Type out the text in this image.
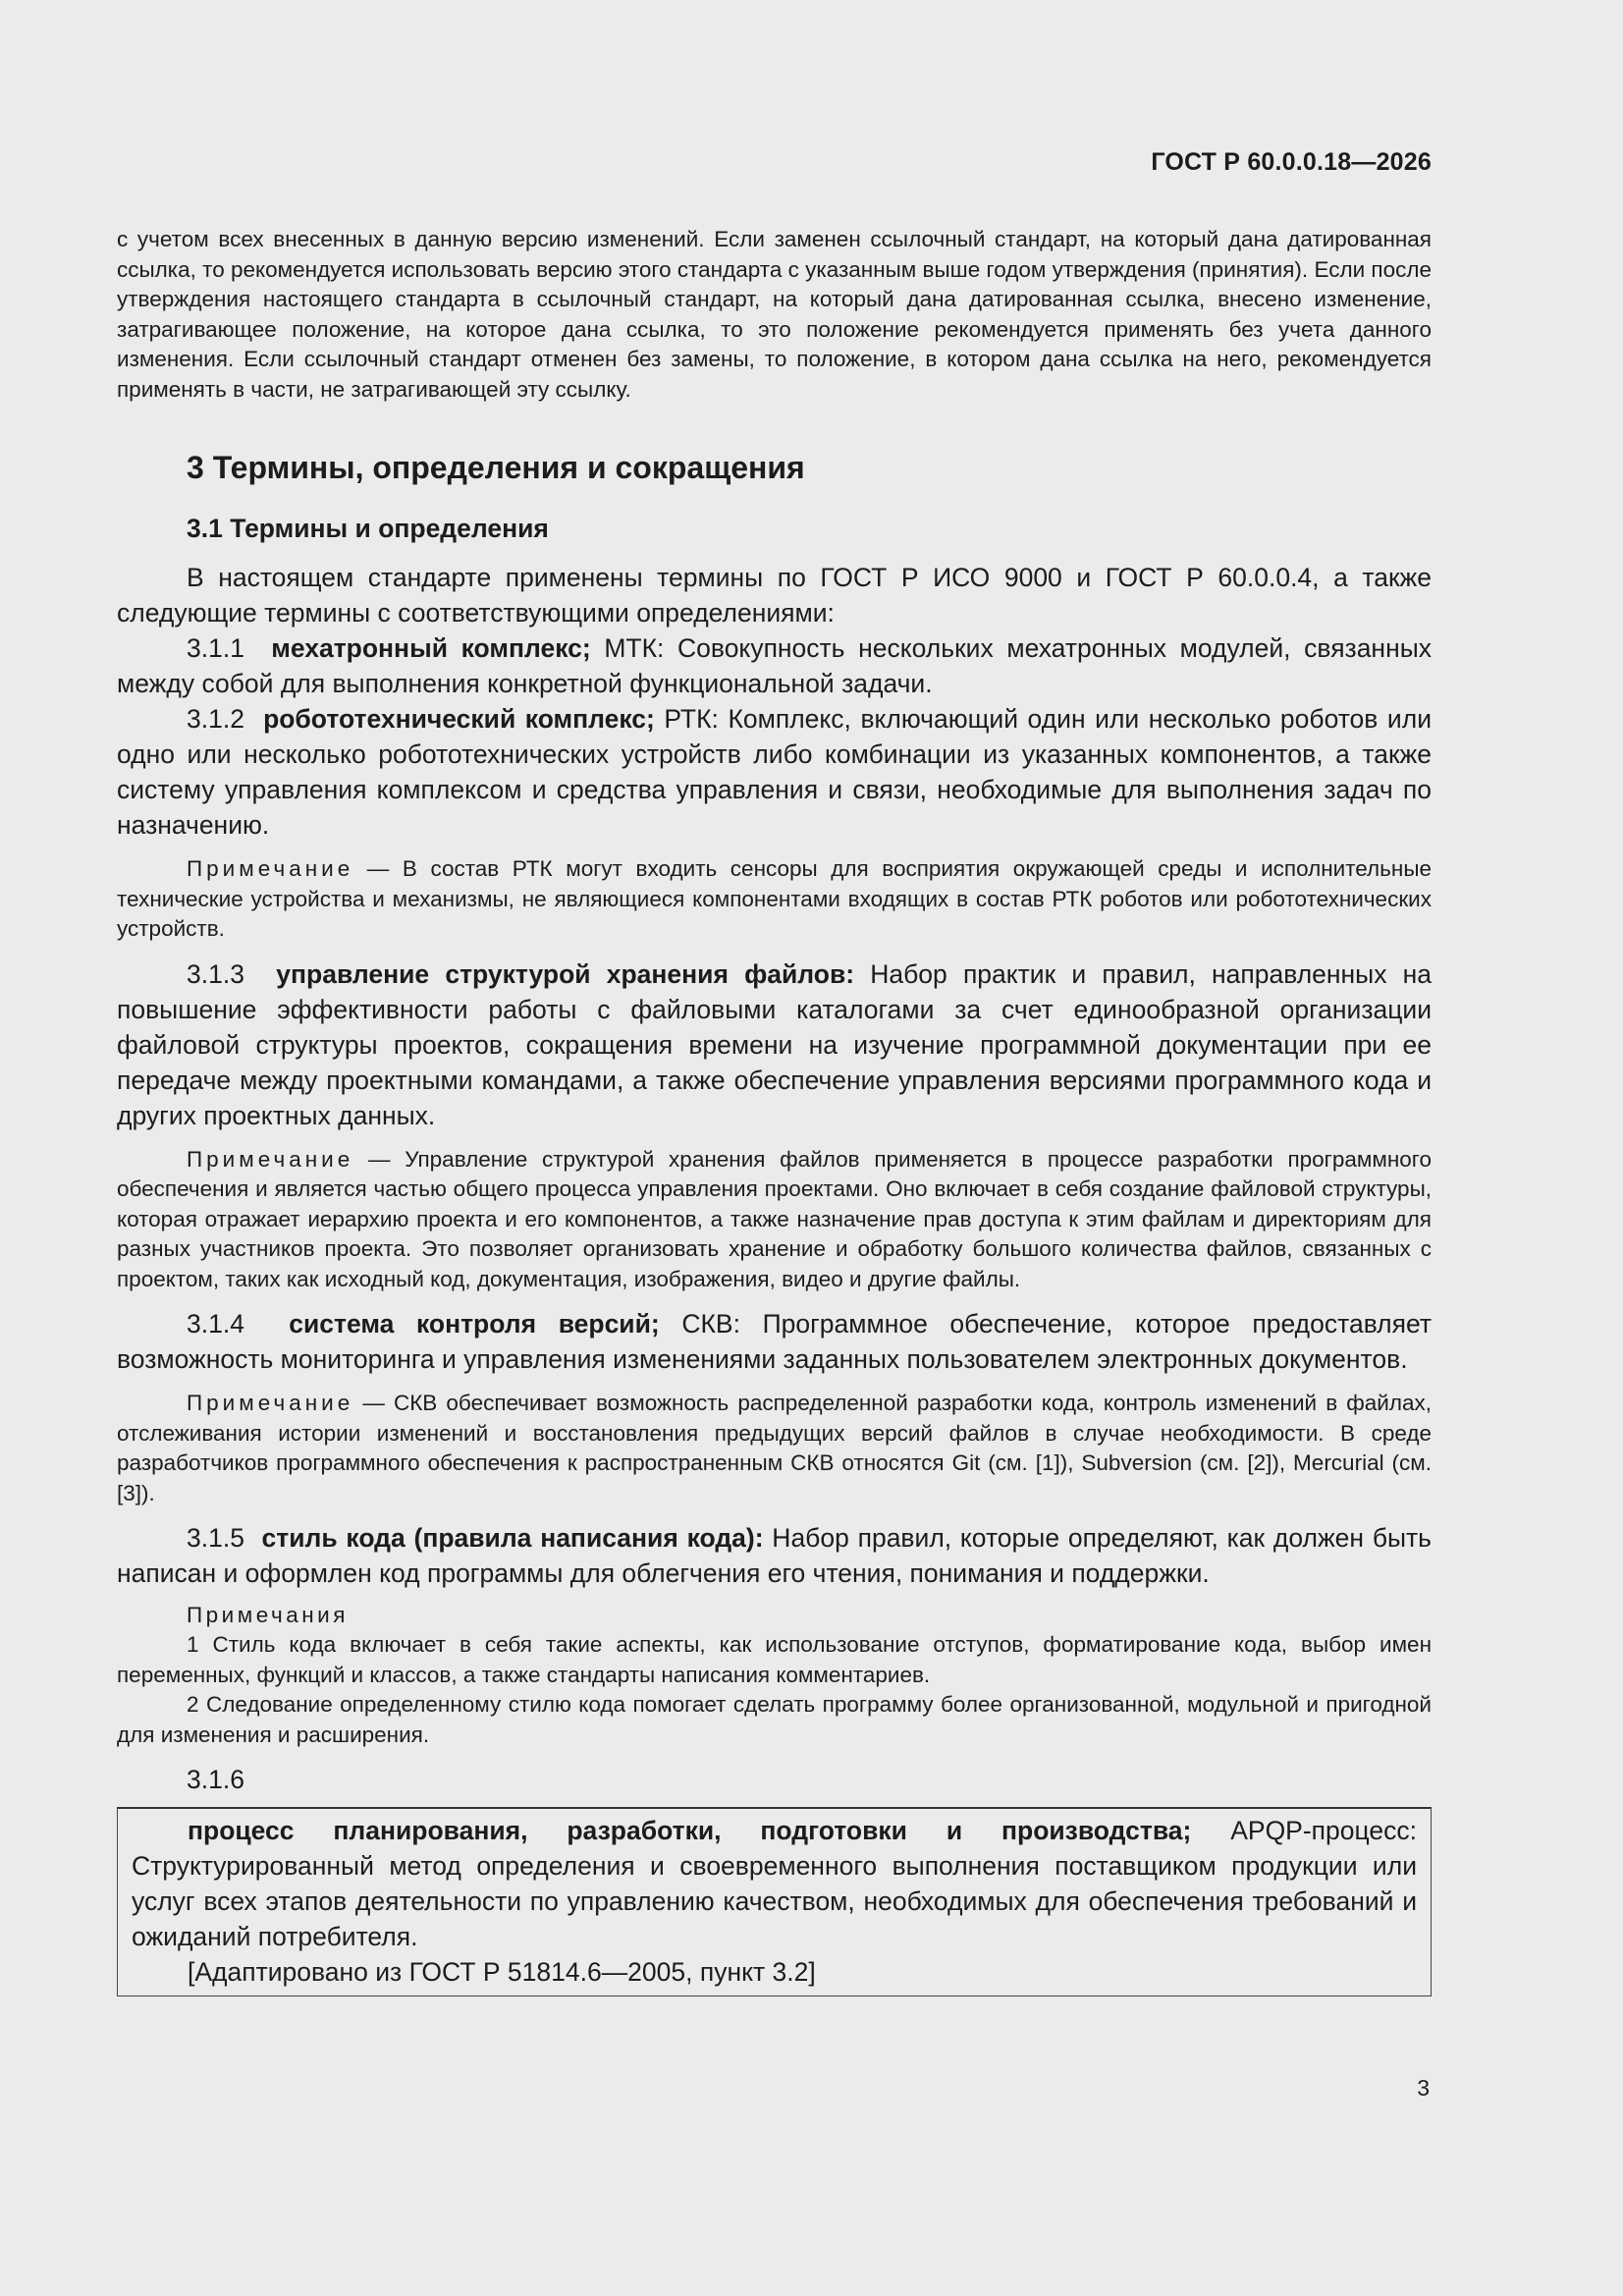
ГОСТ Р 60.0.0.18—2026

с учетом всех внесенных в данную версию изменений. Если заменен ссылочный стандарт, на который дана датированная ссылка, то рекомендуется использовать версию этого стандарта с указанным выше годом утверждения (принятия). Если после утверждения настоящего стандарта в ссылочный стандарт, на который дана датированная ссылка, внесено изменение, затрагивающее положение, на которое дана ссылка, то это положение рекомендуется применять без учета данного изменения. Если ссылочный стандарт отменен без замены, то положение, в котором дана ссылка на него, рекомендуется применять в части, не затрагивающей эту ссылку.

3 Термины, определения и сокращения

3.1 Термины и определения

В настоящем стандарте применены термины по ГОСТ Р ИСО 9000 и ГОСТ Р 60.0.0.4, а также следующие термины с соответствующими определениями:

3.1.1 мехатронный комплекс; МТК: Совокупность нескольких мехатронных модулей, связанных между собой для выполнения конкретной функциональной задачи.

3.1.2 робототехнический комплекс; РТК: Комплекс, включающий один или несколько роботов или одно или несколько робототехнических устройств либо комбинации из указанных компонентов, а также систему управления комплексом и средства управления и связи, необходимые для выполнения задач по назначению.

Примечание — В состав РТК могут входить сенсоры для восприятия окружающей среды и исполнительные технические устройства и механизмы, не являющиеся компонентами входящих в состав РТК роботов или робототехнических устройств.

3.1.3 управление структурой хранения файлов: Набор практик и правил, направленных на повышение эффективности работы с файловыми каталогами за счет единообразной организации файловой структуры проектов, сокращения времени на изучение программной документации при ее передаче между проектными командами, а также обеспечение управления версиями программного кода и других проектных данных.

Примечание — Управление структурой хранения файлов применяется в процессе разработки программного обеспечения и является частью общего процесса управления проектами. Оно включает в себя создание файловой структуры, которая отражает иерархию проекта и его компонентов, а также назначение прав доступа к этим файлам и директориям для разных участников проекта. Это позволяет организовать хранение и обработку большого количества файлов, связанных с проектом, таких как исходный код, документация, изображения, видео и другие файлы.

3.1.4 система контроля версий; СКВ: Программное обеспечение, которое предоставляет возможность мониторинга и управления изменениями заданных пользователем электронных документов.

Примечание — СКВ обеспечивает возможность распределенной разработки кода, контроль изменений в файлах, отслеживания истории изменений и восстановления предыдущих версий файлов в случае необходимости. В среде разработчиков программного обеспечения к распространенным СКВ относятся Git (см. [1]), Subversion (см. [2]), Mercurial (см. [3]).

3.1.5 стиль кода (правила написания кода): Набор правил, которые определяют, как должен быть написан и оформлен код программы для облегчения его чтения, понимания и поддержки.

Примечания

1 Стиль кода включает в себя такие аспекты, как использование отступов, форматирование кода, выбор имен переменных, функций и классов, а также стандарты написания комментариев.

2 Следование определенному стилю кода помогает сделать программу более организованной, модульной и пригодной для изменения и расширения.

3.1.6

процесс планирования, разработки, подготовки и производства; APQP-процесс: Структурированный метод определения и своевременного выполнения поставщиком продукции или услуг всех этапов деятельности по управлению качеством, необходимых для обеспечения требований и ожиданий потребителя.

[Адаптировано из ГОСТ Р 51814.6—2005, пункт 3.2]

3
